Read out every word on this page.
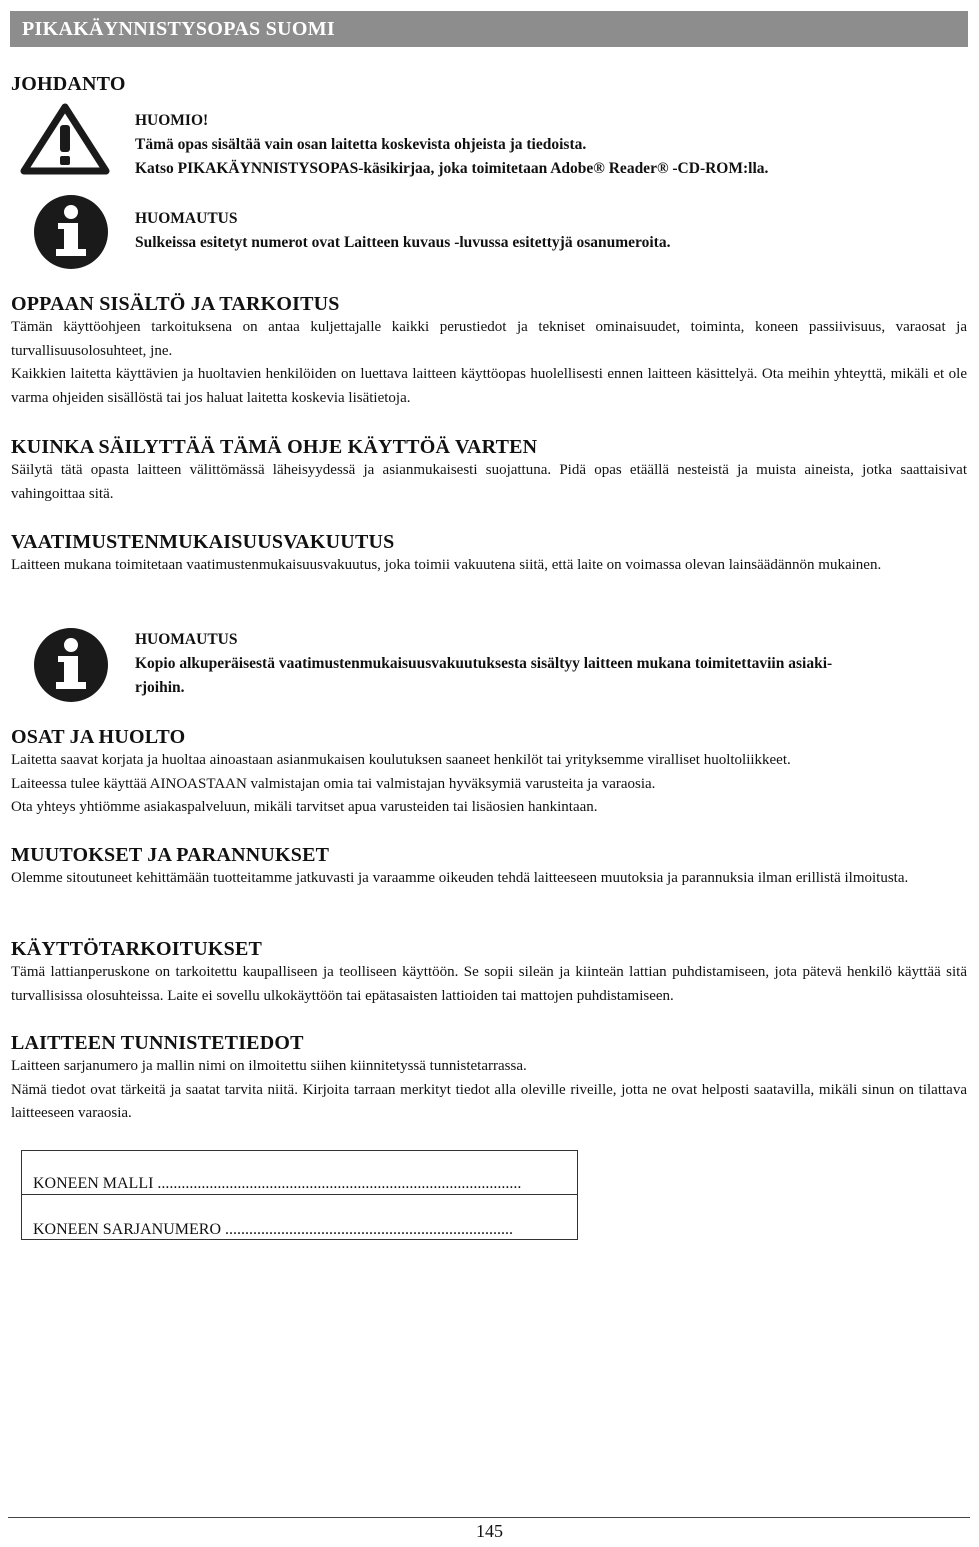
PIKAKÄYNNISTYSOPAS SUOMI

JOHDANTO

HUOMIO!

Tämä opas sisältää vain osan laitetta koskevista ohjeista ja tiedoista.

Katso PIKAKÄYNNISTYSOPAS-käsikirjaa, joka toimitetaan Adobe® Reader® -CD-ROM:lla.

HUOMAUTUS

Sulkeissa esitetyt numerot ovat Laitteen kuvaus -luvussa esitettyjä osanumeroita.

OPPAAN SISÄLTÖ JA TARKOITUS

Tämän käyttöohjeen tarkoituksena on antaa kuljettajalle kaikki perustiedot ja tekniset ominaisuudet, toiminta, koneen passiivisuus, varaosat ja turvallisuusolosuhteet, jne.

Kaikkien laitetta käyttävien ja huoltavien henkilöiden on luettava laitteen käyttöopas huolellisesti ennen laitteen käsittelyä. Ota meihin yhteyttä, mikäli et ole varma ohjeiden sisällöstä tai jos haluat laitetta koskevia lisätietoja.

KUINKA SÄILYTTÄÄ TÄMÄ OHJE KÄYTTÖÄ VARTEN

Säilytä tätä opasta laitteen välittömässä läheisyydessä ja asianmukaisesti suojattuna. Pidä opas etäällä nesteistä ja muista aineista, jotka saattaisivat vahingoittaa sitä.

VAATIMUSTENMUKAISUUSVAKUUTUS

Laitteen mukana toimitetaan vaatimustenmukaisuusvakuutus, joka toimii vakuutena siitä, että laite on voimassa olevan lainsäädännön mukainen.

HUOMAUTUS

Kopio alkuperäisestä vaatimustenmukaisuusvakuutuksesta sisältyy laitteen mukana toimitettaviin asiaki-

rjoihin.

OSAT JA HUOLTO

Laitetta saavat korjata ja huoltaa ainoastaan asianmukaisen koulutuksen saaneet henkilöt tai yrityksemme viralliset huoltoliikkeet.

Laiteessa tulee käyttää AINOASTAAN valmistajan omia tai valmistajan hyväksymiä varusteita ja varaosia.

Ota yhteys yhtiömme asiakaspalveluun, mikäli tarvitset apua varusteiden tai lisäosien hankintaan.

MUUTOKSET JA PARANNUKSET

Olemme sitoutuneet kehittämään tuotteitamme jatkuvasti ja varaamme oikeuden tehdä laitteeseen muutoksia ja parannuksia ilman erillistä ilmoitusta.

KÄYTTÖTARKOITUKSET

Tämä lattianperuskone on tarkoitettu kaupalliseen ja teolliseen käyttöön. Se sopii sileän ja kiinteän lattian puhdistamiseen, jota pätevä henkilö käyttää sitä turvallisissa olosuhteissa. Laite ei sovellu ulkokäyttöön tai epätasaisten lattioiden tai mattojen puhdistamiseen.

LAITTEEN TUNNISTETIEDOT

Laitteen sarjanumero ja mallin nimi on ilmoitettu siihen kiinnitetyssä tunnistetarrassa.

Nämä tiedot ovat tärkeitä ja saatat tarvita niitä. Kirjoita tarraan merkityt tiedot alla oleville riveille, jotta ne ovat helposti saatavilla, mikäli sinun on tilattava laitteeseen varaosia.

KONEEN MALLI ...........................................................................................
KONEEN SARJANUMERO ........................................................................
145
